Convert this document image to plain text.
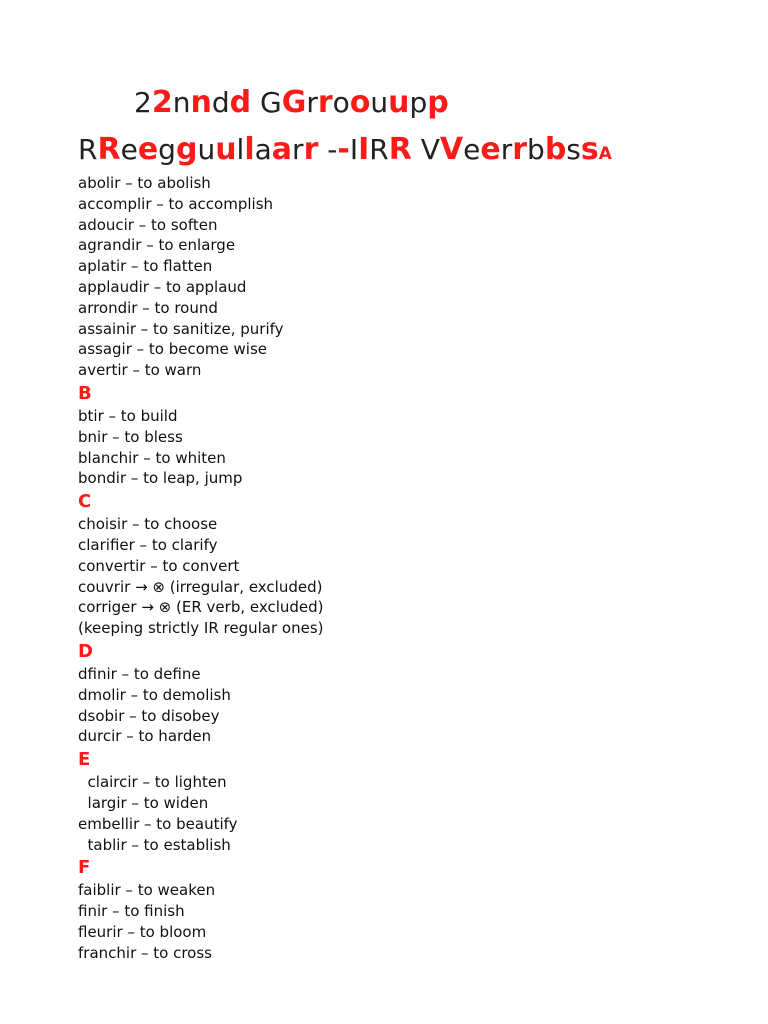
22nndd GGrroouupp
RReegguullaarr --IIRR VVeerrbbssA
abolir – to abolish
accomplir – to accomplish
adoucir – to soften
agrandir – to enlarge
aplatir – to flatten
applaudir – to applaud
arrondir – to round
assainir – to sanitize, purify
assagir – to become wise
avertir – to warn
B
btir – to build
bnir – to bless
blanchir – to whiten
bondir – to leap, jump
C
choisir – to choose
clarifier – to clarify
convertir – to convert
couvrir → ⊗ (irregular, excluded)
corriger → ⊗ (ER verb, excluded)
(keeping strictly IR regular ones)
D
dfinir – to define
dmolir – to demolish
dsobir – to disobey
durcir – to harden
E
claircir – to lighten
largir – to widen
embellir – to beautify
tablir – to establish
F
faiblir – to weaken
finir – to finish
fleurir – to bloom
franchir – to cross
